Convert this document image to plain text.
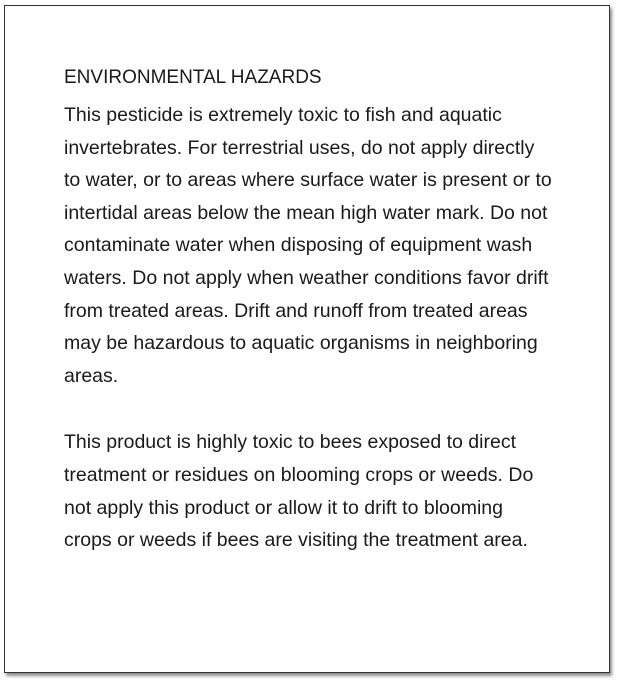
ENVIRONMENTAL HAZARDS

This pesticide is extremely toxic to fish and aquatic invertebrates. For terrestrial uses, do not apply directly to water, or to areas where surface water is present or to intertidal areas below the mean high water mark. Do not contaminate water when disposing of equipment wash waters. Do not apply when weather conditions favor drift from treated areas. Drift and runoff from treated areas may be hazardous to aquatic organisms in neighboring areas.

This product is highly toxic to bees exposed to direct treatment or residues on blooming crops or weeds. Do not apply this product or allow it to drift to blooming crops or weeds if bees are visiting the treatment area.
